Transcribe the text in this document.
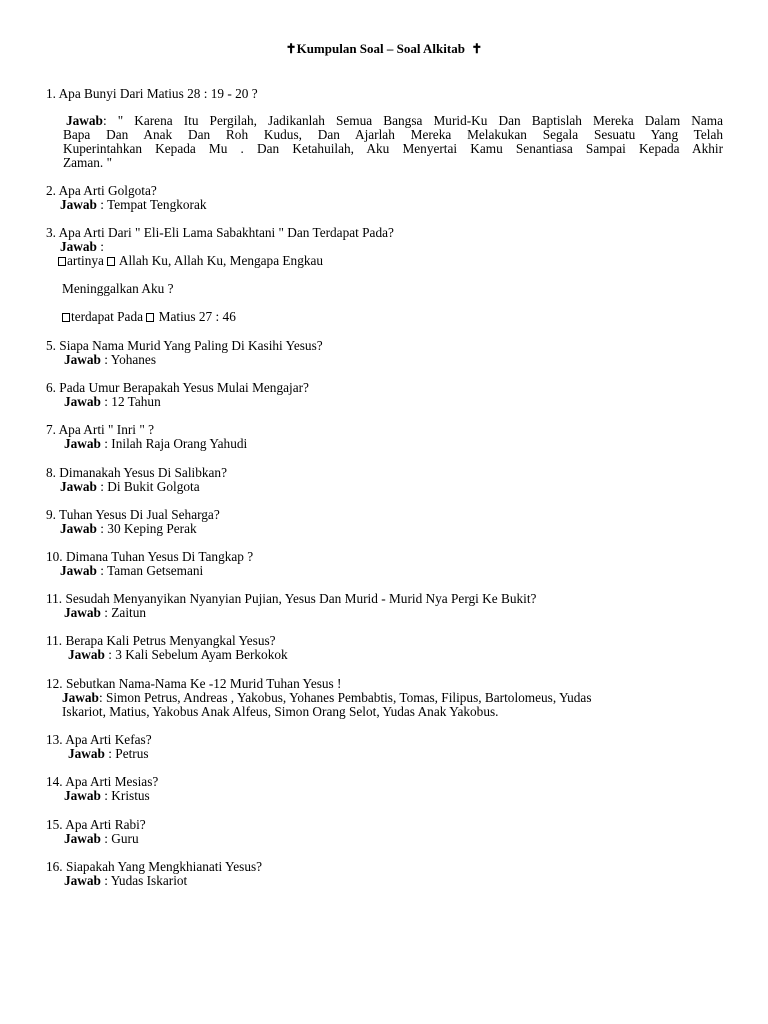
✝Kumpulan Soal – Soal Alkitab ✝
1. Apa Bunyi Dari Matius 28 : 19 - 20 ?
Jawab: " Karena Itu Pergilah, Jadikanlah Semua Bangsa Murid-Ku Dan Baptislah Mereka Dalam Nama
Bapa Dan Anak Dan Roh Kudus, Dan Ajarlah Mereka Melakukan Segala Sesuatu Yang Telah
Kuperintahkan Kepada Mu . Dan Ketahuilah, Aku Menyertai Kamu Senantiasa Sampai Kepada Akhir
Zaman. "
2. Apa Arti Golgota?
Jawab : Tempat Tengkorak
3. Apa Arti Dari " Eli-Eli Lama Sabakhtani " Dan Terdapat Pada?
Jawab :
artinya  Allah Ku, Allah Ku, Mengapa Engkau
Meninggalkan Aku ?
terdapat Pada  Matius 27 : 46
5. Siapa Nama Murid Yang Paling Di Kasihi Yesus?
Jawab : Yohanes
6. Pada Umur Berapakah Yesus Mulai Mengajar?
Jawab : 12 Tahun
7. Apa Arti " Inri " ?
Jawab : Inilah Raja Orang Yahudi
8. Dimanakah Yesus Di Salibkan?
Jawab : Di Bukit Golgota
9. Tuhan Yesus Di Jual Seharga?
Jawab : 30 Keping Perak
10. Dimana Tuhan Yesus Di Tangkap ?
Jawab : Taman Getsemani
11. Sesudah Menyanyikan Nyanyian Pujian, Yesus Dan Murid - Murid Nya Pergi Ke Bukit?
Jawab : Zaitun
11. Berapa Kali Petrus Menyangkal Yesus?
Jawab : 3 Kali Sebelum Ayam Berkokok
12. Sebutkan Nama-Nama Ke -12 Murid Tuhan Yesus !
Jawab: Simon Petrus, Andreas , Yakobus, Yohanes Pembabtis, Tomas, Filipus, Bartolomeus, Yudas
Iskariot, Matius, Yakobus Anak Alfeus, Simon Orang Selot, Yudas Anak Yakobus.
13. Apa Arti Kefas?
Jawab : Petrus
14. Apa Arti Mesias?
Jawab : Kristus
15. Apa Arti Rabi?
Jawab : Guru
16. Siapakah Yang Mengkhianati Yesus?
Jawab : Yudas Iskariot
